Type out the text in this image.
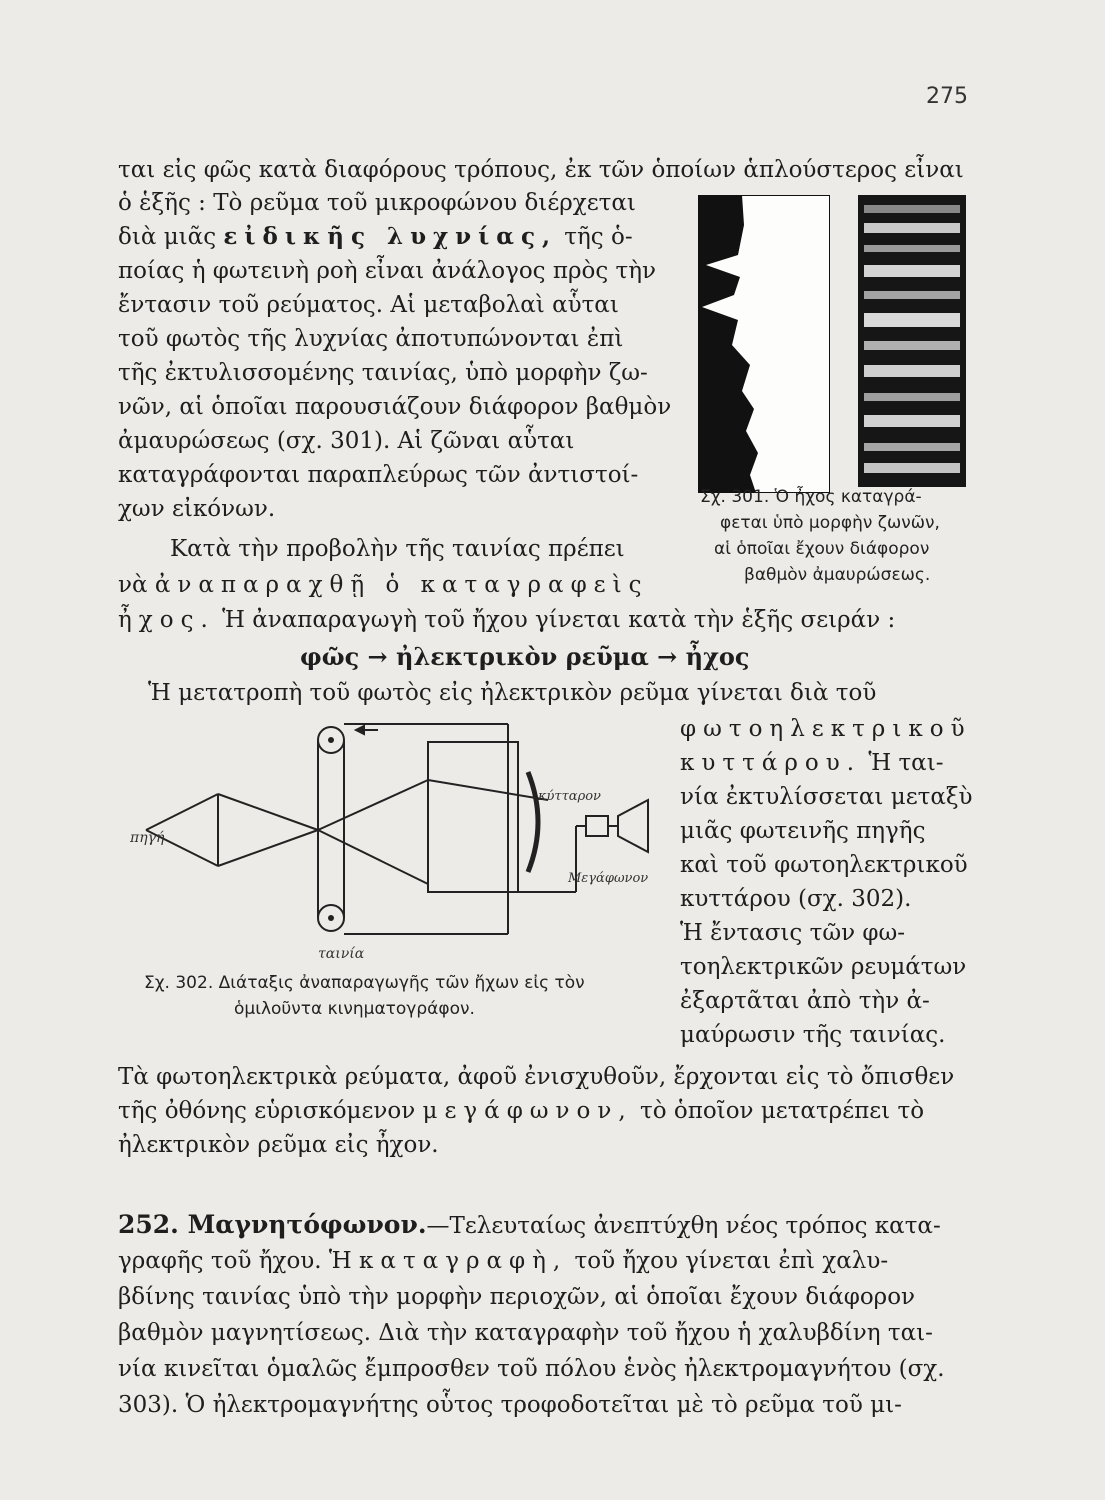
275
ται εἰς φῶς κατὰ διαφόρους τρόπους, ἐκ τῶν ὁποίων ἁπλούστερος εἶναι
ὁ ἑξῆς : Τὸ ρεῦμα τοῦ μικροφώνου διέρχεται
διὰ μιᾶς εἰδικῆς λυχνίας, τῆς ὁ-
ποίας ἡ φωτεινὴ ροὴ εἶναι ἀνάλογος πρὸς τὴν
ἔντασιν τοῦ ρεύματος. Αἱ μεταβολαὶ αὗται
τοῦ φωτὸς τῆς λυχνίας ἀποτυπώνονται ἐπὶ
τῆς ἐκτυλισσομένης ταινίας, ὑπὸ μορφὴν ζω-
νῶν, αἱ ὁποῖαι παρουσιάζουν διάφορον βαθμὸν
ἀμαυρώσεως (σχ. 301). Αἱ ζῶναι αὗται
καταγράφονται παραπλεύρως τῶν ἀντιστοί-
χων εἰκόνων.
Κατὰ τὴν προβολὴν τῆς ταινίας πρέπει
νὰ ἀναπαραχθῇ ὁ καταγραφεὶς
ἦχος. Ἡ ἀναπαραγωγὴ τοῦ ἤχου γίνεται κατὰ τὴν ἑξῆς σειράν :
φῶς → ἠλεκτρικὸν ρεῦμα → ἦχος
Ἡ μετατροπὴ τοῦ φωτὸς εἰς ἠλεκτρικὸν ρεῦμα γίνεται διὰ τοῦ
φωτοηλεκτρικοῦ
κυττάρου. Ἡ ται-
νία ἐκτυλίσσεται μεταξὺ
μιᾶς φωτεινῆς πηγῆς
καὶ τοῦ φωτοηλεκτρικοῦ
κυττάρου (σχ. 302).
Ἡ ἔντασις τῶν φω-
τοηλεκτρικῶν ρευμάτων
ἐξαρτᾶται ἀπὸ τὴν ἀ-
μαύρωσιν τῆς ταινίας.
Τὰ φωτοηλεκτρικὰ ρεύματα, ἀφοῦ ἐνισχυθοῦν, ἔρχονται εἰς τὸ ὄπισθεν
τῆς ὀθόνης εὑρισκόμενον μεγάφωνον, τὸ ὁποῖον μετατρέπει τὸ
ἠλεκτρικὸν ρεῦμα εἰς ἦχον.
252. Μαγνητόφωνον.—Τελευταίως ἀνεπτύχθη νέος τρόπος κατα-
γραφῆς τοῦ ἤχου. Ἡ καταγραφὴ, τοῦ ἤχου γίνεται ἐπὶ χαλυ-
βδίνης ταινίας ὑπὸ τὴν μορφὴν περιοχῶν, αἱ ὁποῖαι ἔχουν διάφορον
βαθμὸν μαγνητίσεως. Διὰ τὴν καταγραφὴν τοῦ ἤχου ἡ χαλυβδίνη ται-
νία κινεῖται ὁμαλῶς ἔμπροσθεν τοῦ πόλου ἑνὸς ἠλεκτρομαγνήτου (σχ.
303). Ὁ ἠλεκτρομαγνήτης οὗτος τροφοδοτεῖται μὲ τὸ ρεῦμα τοῦ μι-
Σχ. 301. Ὁ ἦχος καταγρά-
φεται ὑπὸ μορφὴν ζωνῶν,
αἱ ὁποῖαι ἔχουν διάφορον
βαθμὸν ἀμαυρώσεως.
πηγή
ταινία
κύτταρον
Μεγάφωνον
Σχ. 302. Διάταξις ἀναπαραγωγῆς τῶν ἤχων εἰς τὸν
ὁμιλοῦντα κινηματογράφον.
